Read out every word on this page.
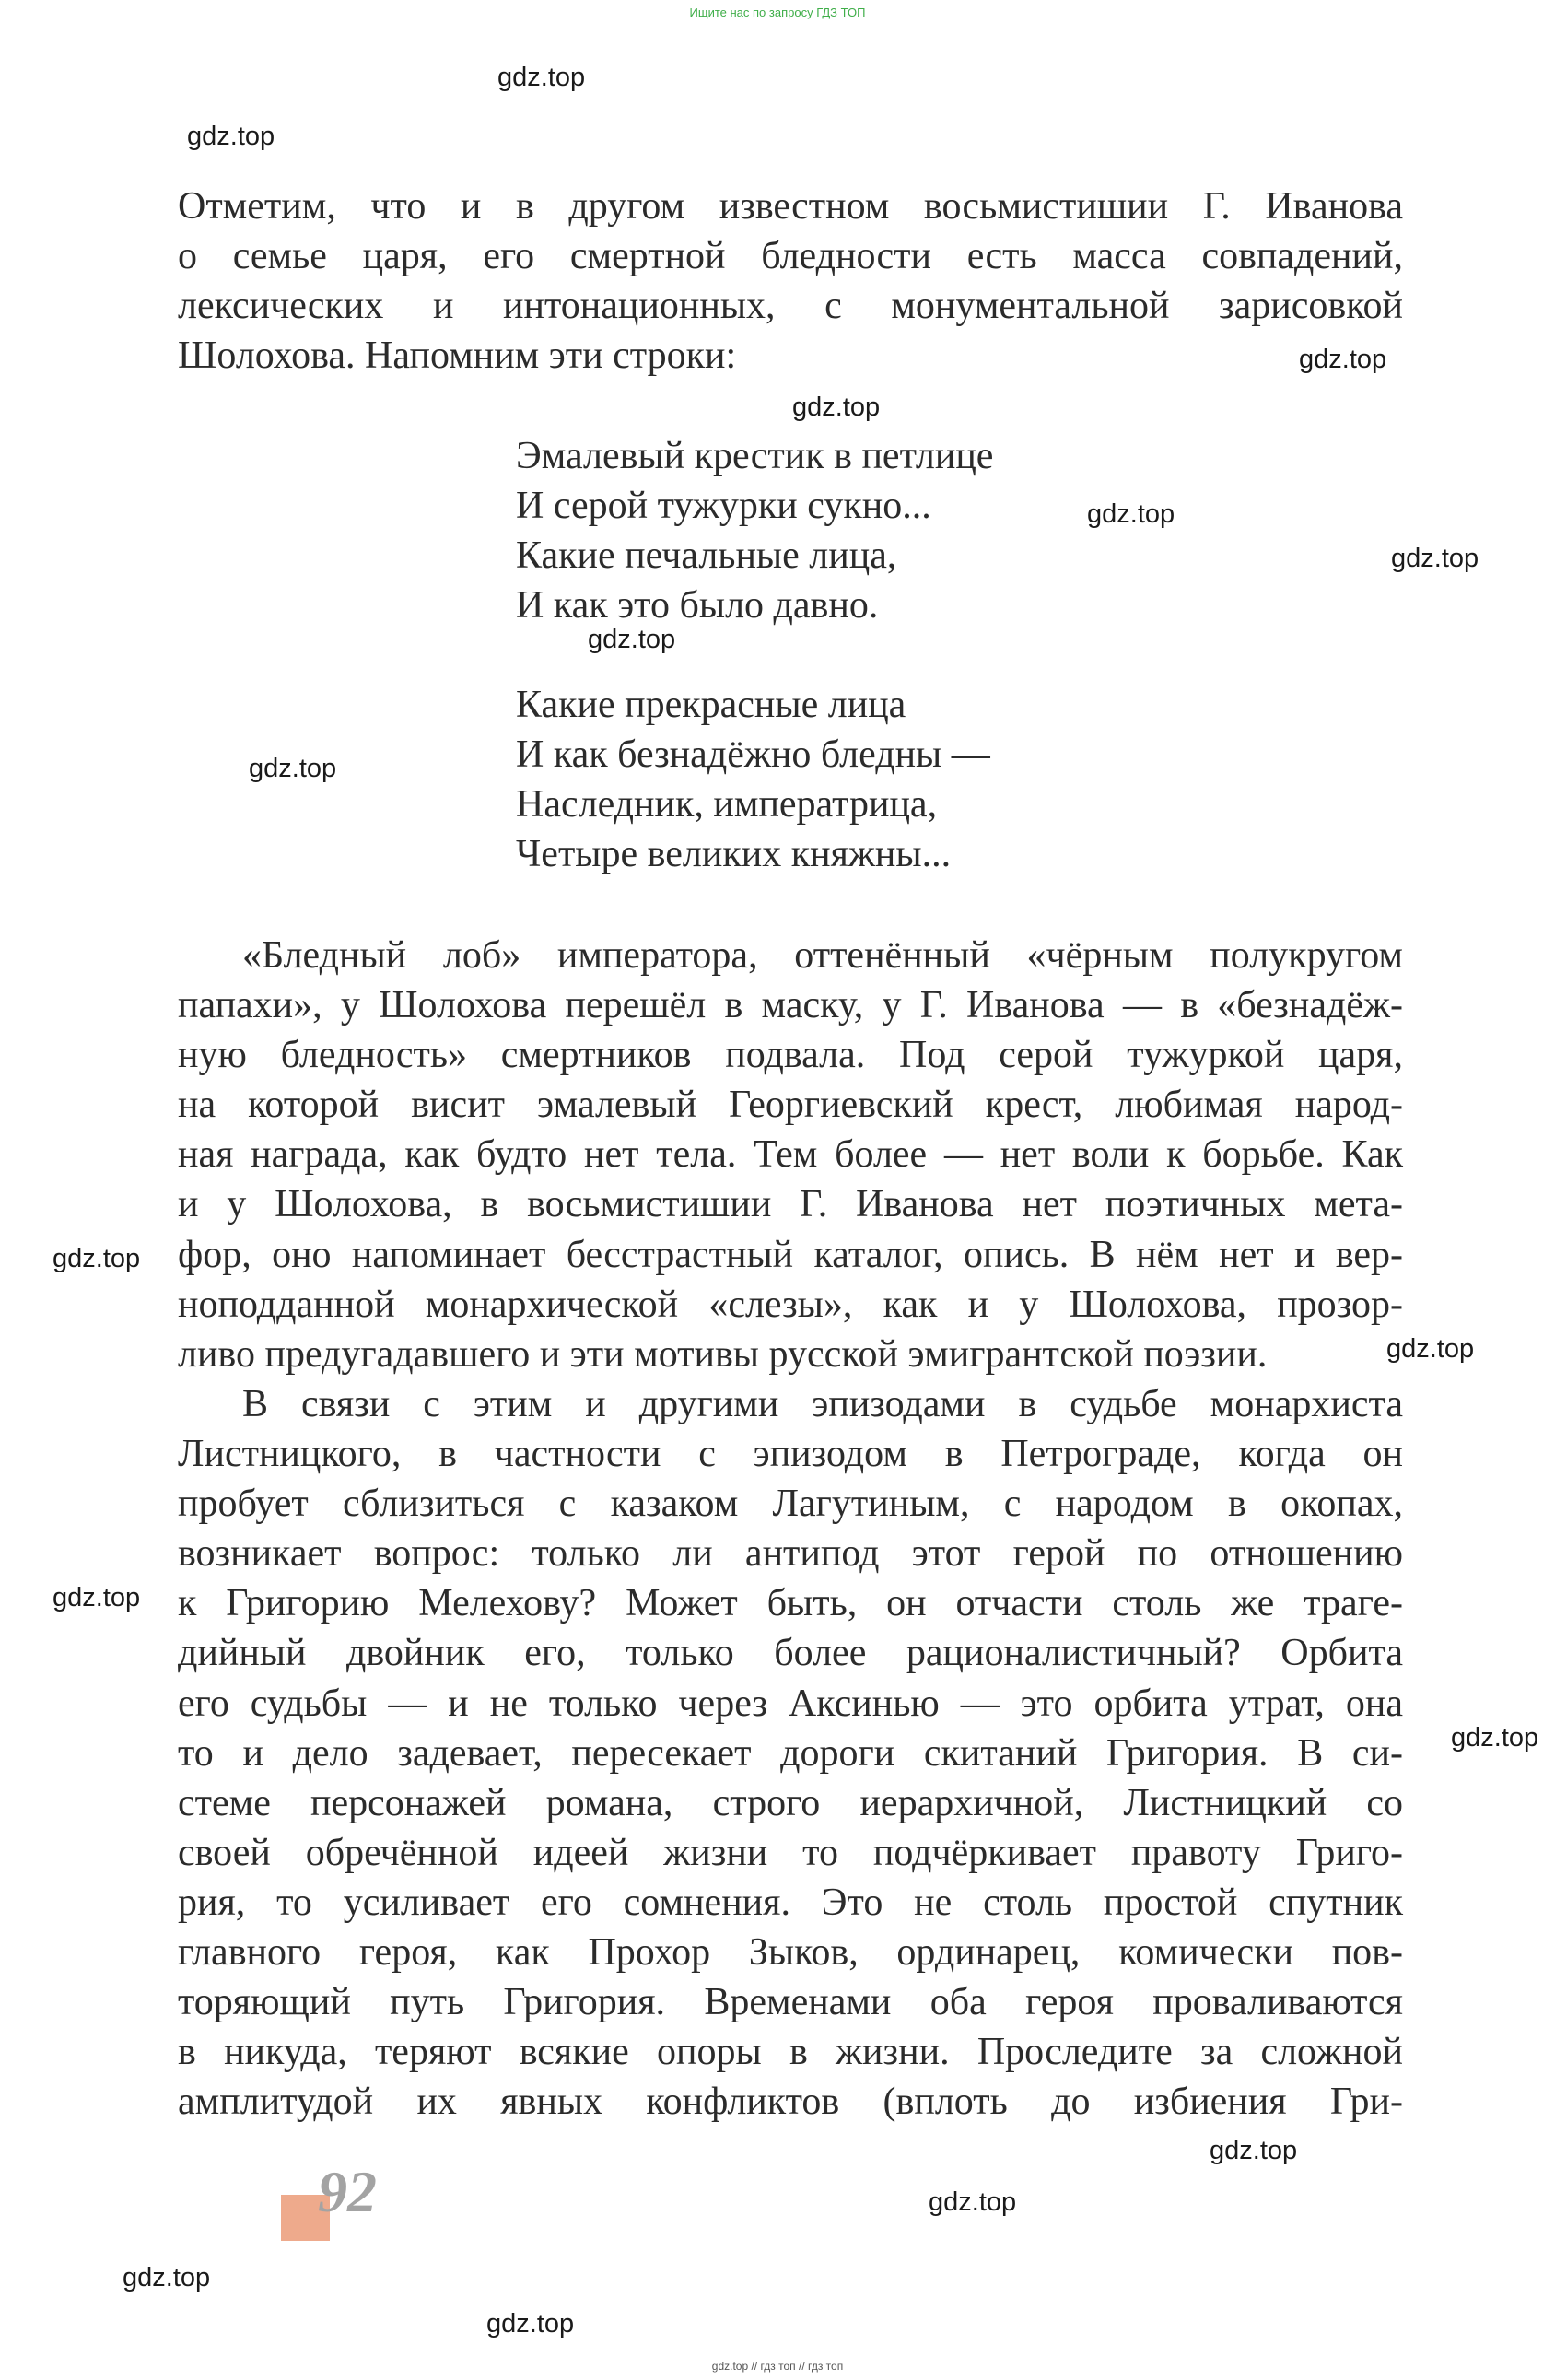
Ищите нас по запросу ГДЗ ТОП
gdz.top
gdz.top
gdz.top
gdz.top
gdz.top
gdz.top
gdz.top
gdz.top
gdz.top
gdz.top
gdz.top
gdz.top
gdz.top
gdz.top
gdz.top
gdz.top
Отметим, что и в другом известном восьмистишии Г. Иванова
о семье царя, его смертной бледности есть масса совпадений,
лексических и интонационных, с монументальной зарисовкой
Шолохова. Напомним эти строки:
Эмалевый крестик в петлице
И серой тужурки сукно...
Какие печальные лица,
И как это было давно.
Какие прекрасные лица
И как безнадёжно бледны —
Наследник, императрица,
Четыре великих княжны...
«Бледный лоб» императора, оттенённый «чёрным полукругом
папахи», у Шолохова перешёл в маску, у Г. Иванова — в «безнадёж-
ную бледность» смертников подвала. Под серой тужуркой царя,
на которой висит эмалевый Георгиевский крест, любимая народ-
ная награда, как будто нет тела. Тем более — нет воли к борьбе. Как
и у Шолохова, в восьмистишии Г. Иванова нет поэтичных мета-
фор, оно напоминает бесстрастный каталог, опись. В нём нет и вер-
ноподданной монархической «слезы», как и у Шолохова, прозор-
ливо предугадавшего и эти мотивы русской эмигрантской поэзии.
В связи с этим и другими эпизодами в судьбе монархиста
Листницкого, в частности с эпизодом в Петрограде, когда он
пробует сблизиться с казаком Лагутиным, с народом в окопах,
возникает вопрос: только ли антипод этот герой по отношению
к Григорию Мелехову? Может быть, он отчасти столь же траге-
дийный двойник его, только более рационалистичный? Орбита
его судьбы — и не только через Аксинью — это орбита утрат, она
то и дело задевает, пересекает дороги скитаний Григория. В си-
стеме персонажей романа, строго иерархичной, Листницкий со
своей обречённой идеей жизни то подчёркивает правоту Григо-
рия, то усиливает его сомнения. Это не столь простой спутник
главного героя, как Прохор Зыков, ординарец, комически пов-
торяющий путь Григория. Временами оба героя проваливаются
в никуда, теряют всякие опоры в жизни. Проследите за сложной
амплитудой их явных конфликтов (вплоть до избиения Гри-
92
gdz.top // гдз топ // гдз топ
